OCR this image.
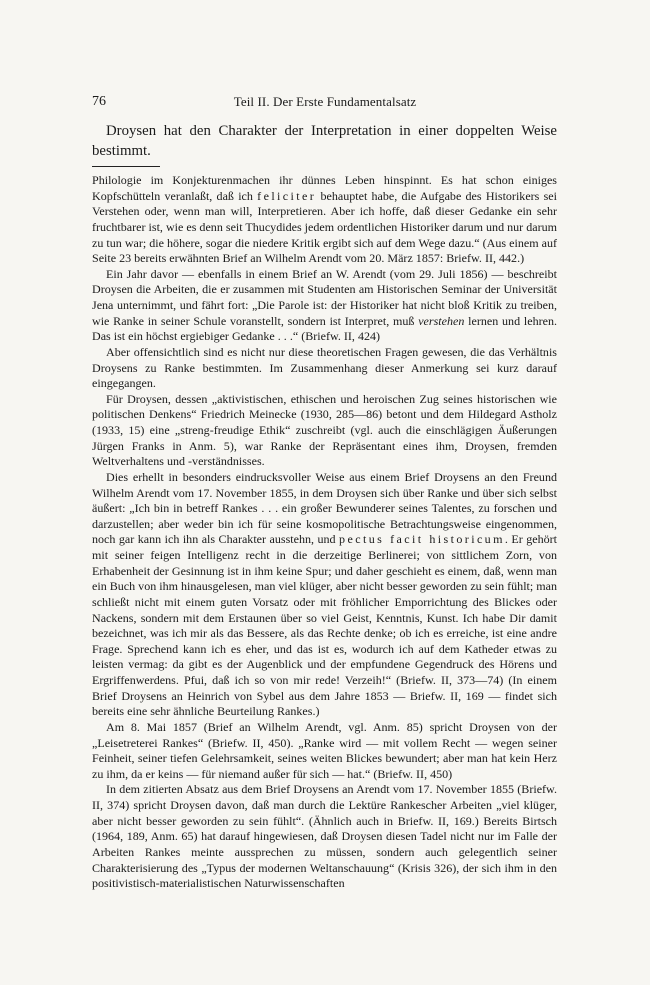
76	Teil II. Der Erste Fundamentalsatz

Droysen hat den Charakter der Interpretation in einer doppelten Weise bestimmt.

Philologie im Konjekturenmachen ihr dünnes Leben hinspinnt. Es hat schon einiges Kopfschütteln veranlaßt, daß ich feliciter behauptet habe, die Aufgabe des Historikers sei Verstehen oder, wenn man will, Interpretieren. Aber ich hoffe, daß dieser Gedanke ein sehr fruchtbarer ist, wie es denn seit Thucydides jedem ordentlichen Historiker darum und nur darum zu tun war; die höhere, sogar die niedere Kritik ergibt sich auf dem Wege dazu.“ (Aus einem auf Seite 23 bereits erwähnten Brief an Wilhelm Arendt vom 20. März 1857: Briefw. II, 442.)

Ein Jahr davor — ebenfalls in einem Brief an W. Arendt (vom 29. Juli 1856) — beschreibt Droysen die Arbeiten, die er zusammen mit Studenten am Historischen Seminar der Universität Jena unternimmt, und fährt fort: „Die Parole ist: der Historiker hat nicht bloß Kritik zu treiben, wie Ranke in seiner Schule voranstellt, sondern ist Interpret, muß verstehen lernen und lehren. Das ist ein höchst ergiebiger Gedanke . . .“ (Briefw. II, 424)

Aber offensichtlich sind es nicht nur diese theoretischen Fragen gewesen, die das Verhältnis Droysens zu Ranke bestimmten. Im Zusammenhang dieser Anmerkung sei kurz darauf eingegangen.

Für Droysen, dessen „aktivistischen, ethischen und heroischen Zug seines historischen wie politischen Denkens“ Friedrich Meinecke (1930, 285—86) betont und dem Hildegard Astholz (1933, 15) eine „streng-freudige Ethik“ zuschreibt (vgl. auch die einschlägigen Äußerungen Jürgen Franks in Anm. 5), war Ranke der Repräsentant eines ihm, Droysen, fremden Weltverhaltens und -verständnisses.

Dies erhellt in besonders eindrucksvoller Weise aus einem Brief Droysens an den Freund Wilhelm Arendt vom 17. November 1855, in dem Droysen sich über Ranke und über sich selbst äußert: „Ich bin in betreff Rankes . . . ein großer Bewunderer seines Talentes, zu forschen und darzustellen; aber weder bin ich für seine kosmopolitische Betrachtungsweise eingenommen, noch gar kann ich ihn als Charakter ausstehn, und pectus facit historicum. Er gehört mit seiner feigen Intelligenz recht in die derzeitige Berlinerei; von sittlichem Zorn, von Erhabenheit der Gesinnung ist in ihm keine Spur; und daher geschieht es einem, daß, wenn man ein Buch von ihm hinausgelesen, man viel klüger, aber nicht besser geworden zu sein fühlt; man schließt nicht mit einem guten Vorsatz oder mit fröhlicher Emporrichtung des Blickes oder Nackens, sondern mit dem Erstaunen über so viel Geist, Kenntnis, Kunst. Ich habe Dir damit bezeichnet, was ich mir als das Bessere, als das Rechte denke; ob ich es erreiche, ist eine andre Frage. Sprechend kann ich es eher, und das ist es, wodurch ich auf dem Katheder etwas zu leisten vermag: da gibt es der Augenblick und der empfundene Gegendruck des Hörens und Ergriffenwerdens. Pfui, daß ich so von mir rede! Verzeih!“ (Briefw. II, 373—74) (In einem Brief Droysens an Heinrich von Sybel aus dem Jahre 1853 — Briefw. II, 169 — findet sich bereits eine sehr ähnliche Beurteilung Rankes.)

Am 8. Mai 1857 (Brief an Wilhelm Arendt, vgl. Anm. 85) spricht Droysen von der „Leisetreterei Rankes“ (Briefw. II, 450). „Ranke wird — mit vollem Recht — wegen seiner Feinheit, seiner tiefen Gelehrsamkeit, seines weiten Blickes bewundert; aber man hat kein Herz zu ihm, da er keins — für niemand außer für sich — hat.“ (Briefw. II, 450)

In dem zitierten Absatz aus dem Brief Droysens an Arendt vom 17. November 1855 (Briefw. II, 374) spricht Droysen davon, daß man durch die Lektüre Rankescher Arbeiten „viel klüger, aber nicht besser geworden zu sein fühlt“. (Ähnlich auch in Briefw. II, 169.) Bereits Birtsch (1964, 189, Anm. 65) hat darauf hingewiesen, daß Droysen diesen Tadel nicht nur im Falle der Arbeiten Rankes meinte aussprechen zu müssen, sondern auch gelegentlich seiner Charakterisierung des „Typus der modernen Weltanschauung“ (Krisis 326), der sich ihm in den positivistisch-materialistischen Naturwissenschaften
